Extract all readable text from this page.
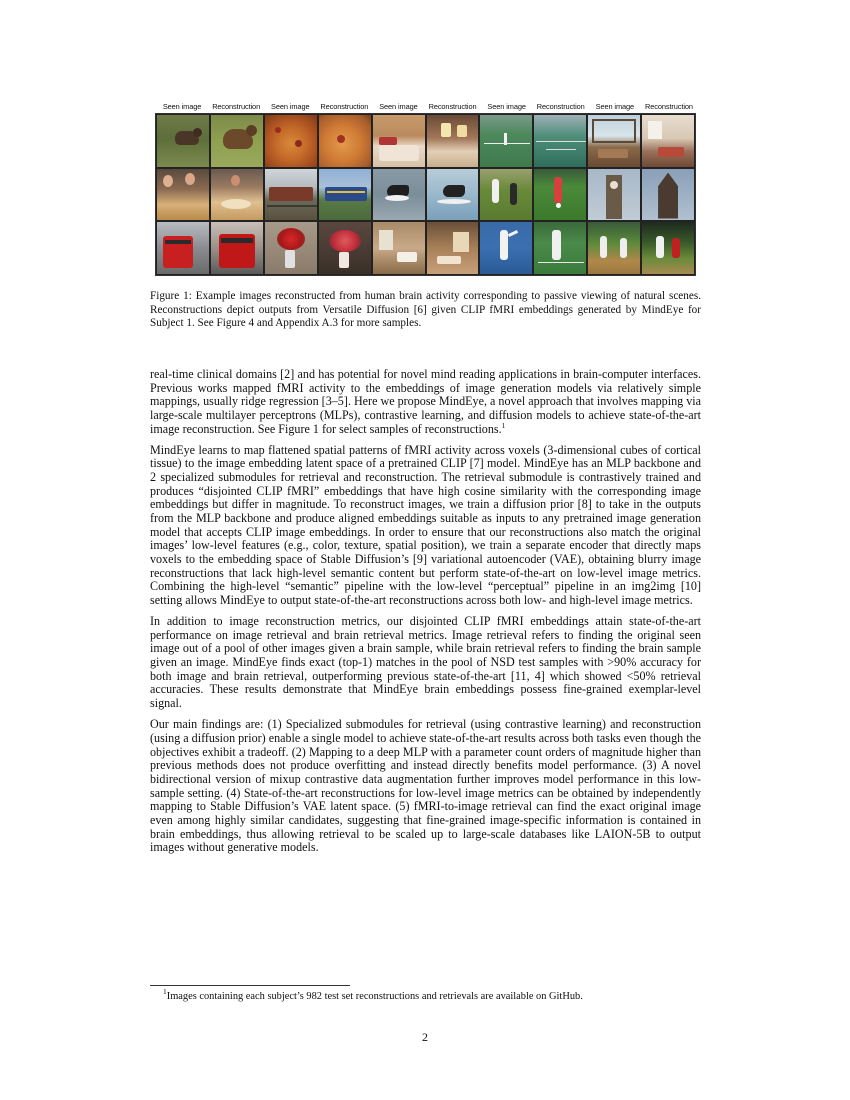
Seen image	Reconstruction	Seen image	Reconstruction	Seen image	Reconstruction	Seen image	Reconstruction	Seen image	Reconstruction
Figure 1: Example images reconstructed from human brain activity corresponding to passive viewing of natural scenes. Reconstructions depict outputs from Versatile Diffusion [6] given CLIP fMRI embeddings generated by MindEye for Subject 1. See Figure 4 and Appendix A.3 for more samples.

real-time clinical domains [2] and has potential for novel mind reading applications in brain-computer interfaces. Previous works mapped fMRI activity to the embeddings of image generation models via relatively simple mappings, usually ridge regression [3–5]. Here we propose MindEye, a novel approach that involves mapping via large-scale multilayer perceptrons (MLPs), contrastive learning, and diffusion models to achieve state-of-the-art image reconstruction. See Figure 1 for select samples of reconstructions.$^1$

MindEye learns to map flattened spatial patterns of fMRI activity across voxels (3-dimensional cubes of cortical tissue) to the image embedding latent space of a pretrained CLIP [7] model. MindEye has an MLP backbone and 2 specialized submodules for retrieval and reconstruction. The retrieval submodule is contrastively trained and produces “disjointed CLIP fMRI” embeddings that have high cosine similarity with the corresponding image embeddings but differ in magnitude. To reconstruct images, we train a diffusion prior [8] to take in the outputs from the MLP backbone and produce aligned embeddings suitable as inputs to any pretrained image generation model that accepts CLIP image embeddings. In order to ensure that our reconstructions also match the original images’ low-level features (e.g., color, texture, spatial position), we train a separate encoder that directly maps voxels to the embedding space of Stable Diffusion’s [9] variational autoencoder (VAE), obtaining blurry image reconstructions that lack high-level semantic content but perform state-of-the-art on low-level image metrics. Combining the high-level “semantic” pipeline with the low-level “perceptual” pipeline in an img2img [10] setting allows MindEye to output state-of-the-art reconstructions across both low- and high-level image metrics.

In addition to image reconstruction metrics, our disjointed CLIP fMRI embeddings attain state-of-the-art performance on image retrieval and brain retrieval metrics. Image retrieval refers to finding the original seen image out of a pool of other images given a brain sample, while brain retrieval refers to finding the brain sample given an image. MindEye finds exact (top-1) matches in the pool of NSD test samples with >90% accuracy for both image and brain retrieval, outperforming previous state-of-the-art [11, 4] which showed <50% retrieval accuracies. These results demonstrate that MindEye brain embeddings possess fine-grained exemplar-level signal.

Our main findings are: (1) Specialized submodules for retrieval (using contrastive learning) and reconstruction (using a diffusion prior) enable a single model to achieve state-of-the-art results across both tasks even though the objectives exhibit a tradeoff. (2) Mapping to a deep MLP with a parameter count orders of magnitude higher than previous methods does not produce overfitting and instead directly benefits model performance. (3) A novel bidirectional version of mixup contrastive data augmentation further improves model performance in this low-sample setting. (4) State-of-the-art reconstructions for low-level image metrics can be obtained by independently mapping to Stable Diffusion’s VAE latent space. (5) fMRI-to-image retrieval can find the exact original image even among highly similar candidates, suggesting that fine-grained image-specific information is contained in brain embeddings, thus allowing retrieval to be scaled up to large-scale databases like LAION-5B to output images without generative models.

$^1$Images containing each subject’s 982 test set reconstructions and retrievals are available on GitHub.
2
